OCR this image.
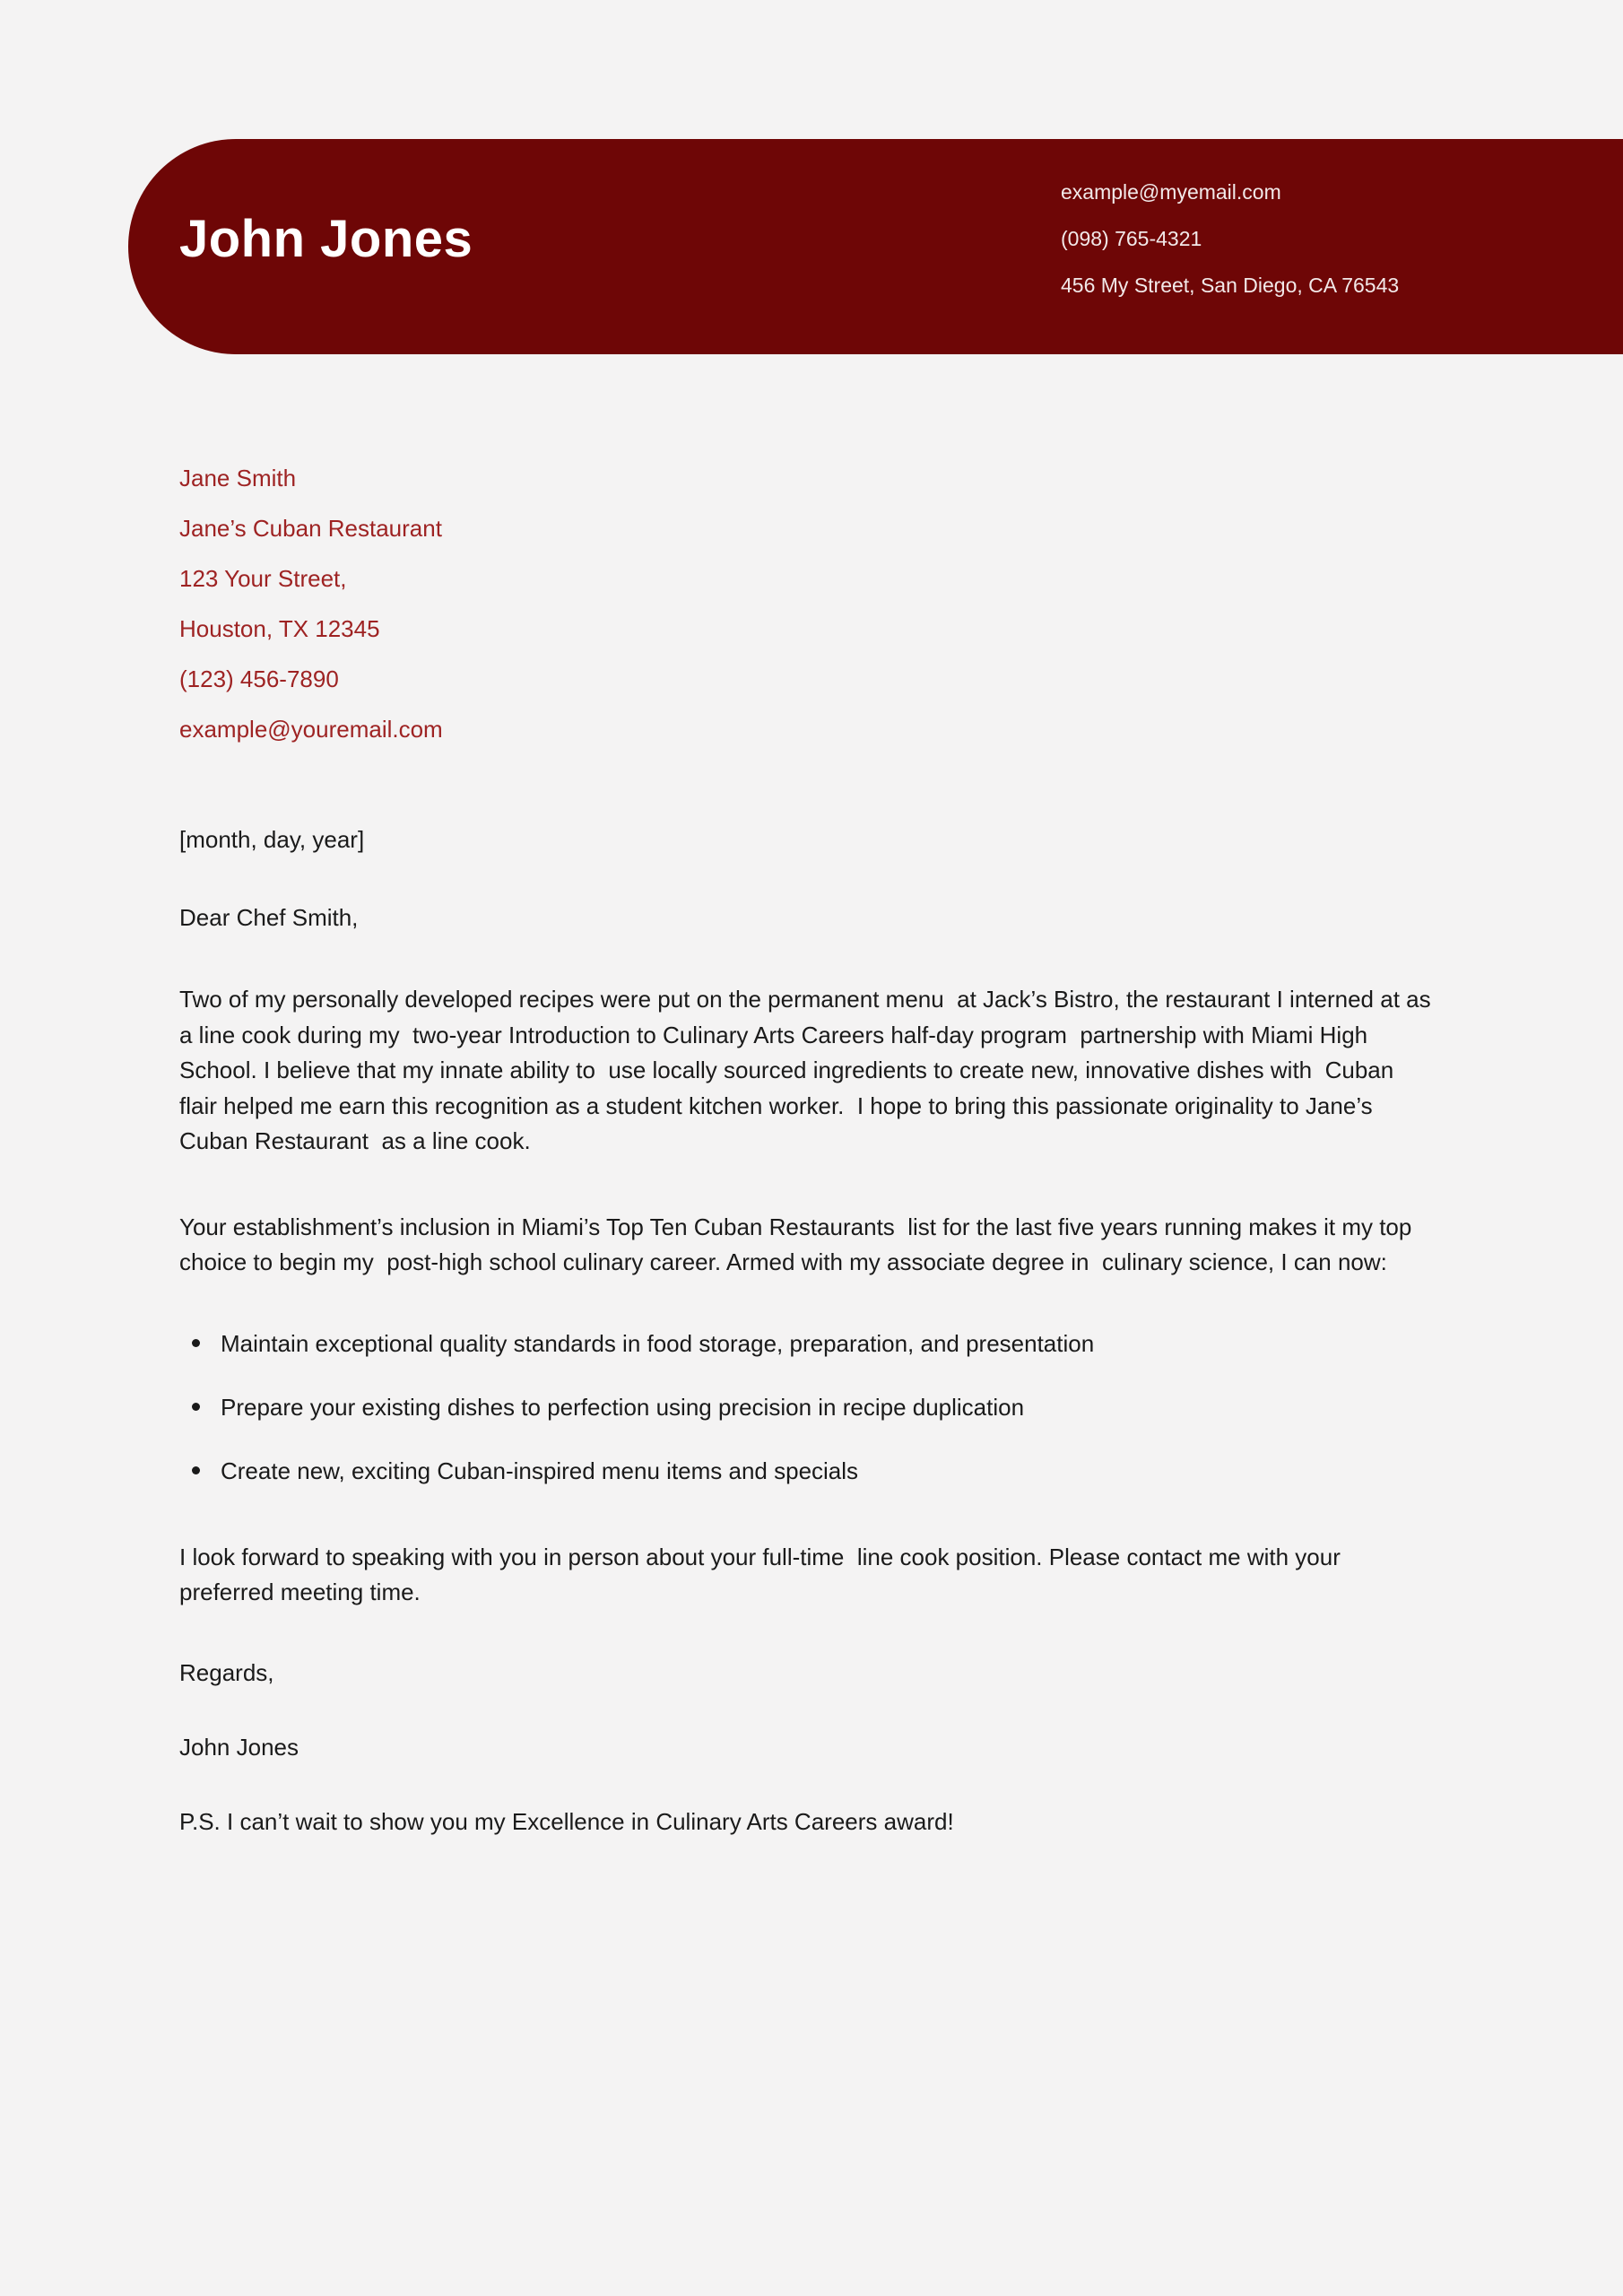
John Jones
example@myemail.com
(098) 765-4321
456 My Street, San Diego, CA 76543
Jane Smith
Jane’s Cuban Restaurant
123 Your Street,
Houston, TX 12345
(123) 456-7890
example@youremail.com
[month, day, year]
Dear Chef Smith,
Two of my personally developed recipes were put on the permanent menu  at Jack’s Bistro, the restaurant I interned at as a line cook during my  two-year Introduction to Culinary Arts Careers half-day program  partnership with Miami High School. I believe that my innate ability to  use locally sourced ingredients to create new, innovative dishes with  Cuban flair helped me earn this recognition as a student kitchen worker.  I hope to bring this passionate originality to Jane’s Cuban Restaurant  as a line cook.
Your establishment’s inclusion in Miami’s Top Ten Cuban Restaurants  list for the last five years running makes it my top choice to begin my  post-high school culinary career. Armed with my associate degree in  culinary science, I can now:
Maintain exceptional quality standards in food storage, preparation, and presentation
Prepare your existing dishes to perfection using precision in recipe duplication
Create new, exciting Cuban-inspired menu items and specials
I look forward to speaking with you in person about your full-time  line cook position. Please contact me with your preferred meeting time.
Regards,
John Jones
P.S. I can’t wait to show you my Excellence in Culinary Arts Careers award!
